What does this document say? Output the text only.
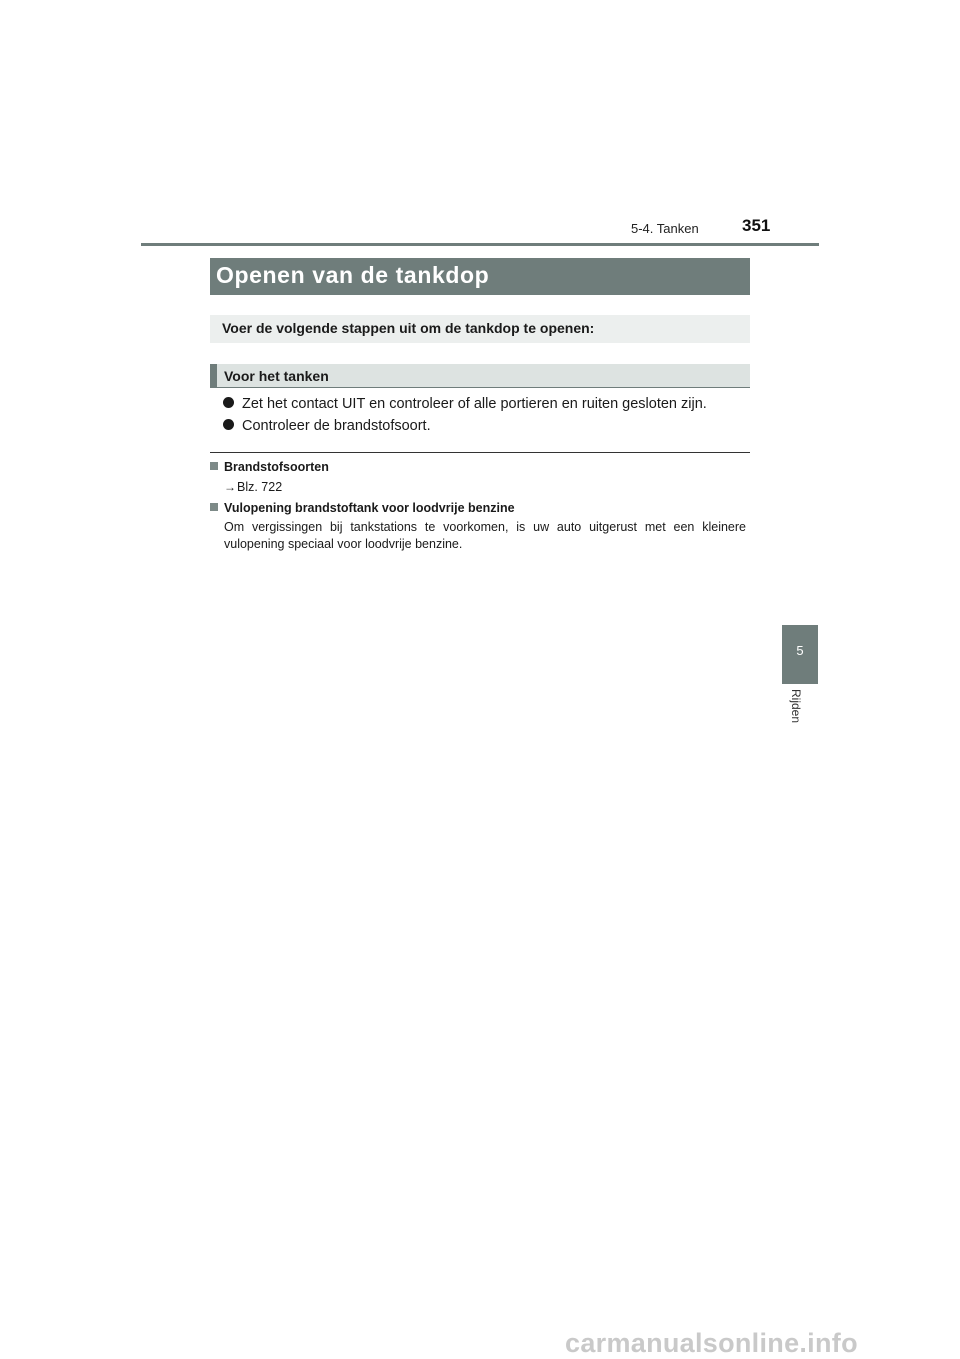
5-4. Tanken	351
Openen van de tankdop
Voer de volgende stappen uit om de tankdop te openen:
Voor het tanken
Zet het contact UIT en controleer of alle portieren en ruiten gesloten zijn.
Controleer de brandstofsoort.
Brandstofsoorten
→Blz. 722
Vulopening brandstoftank voor loodvrije benzine
Om vergissingen bij tankstations te voorkomen, is uw auto uitgerust met een kleinere vulopening speciaal voor loodvrije benzine.
5
Rijden
carmanualsonline.info
